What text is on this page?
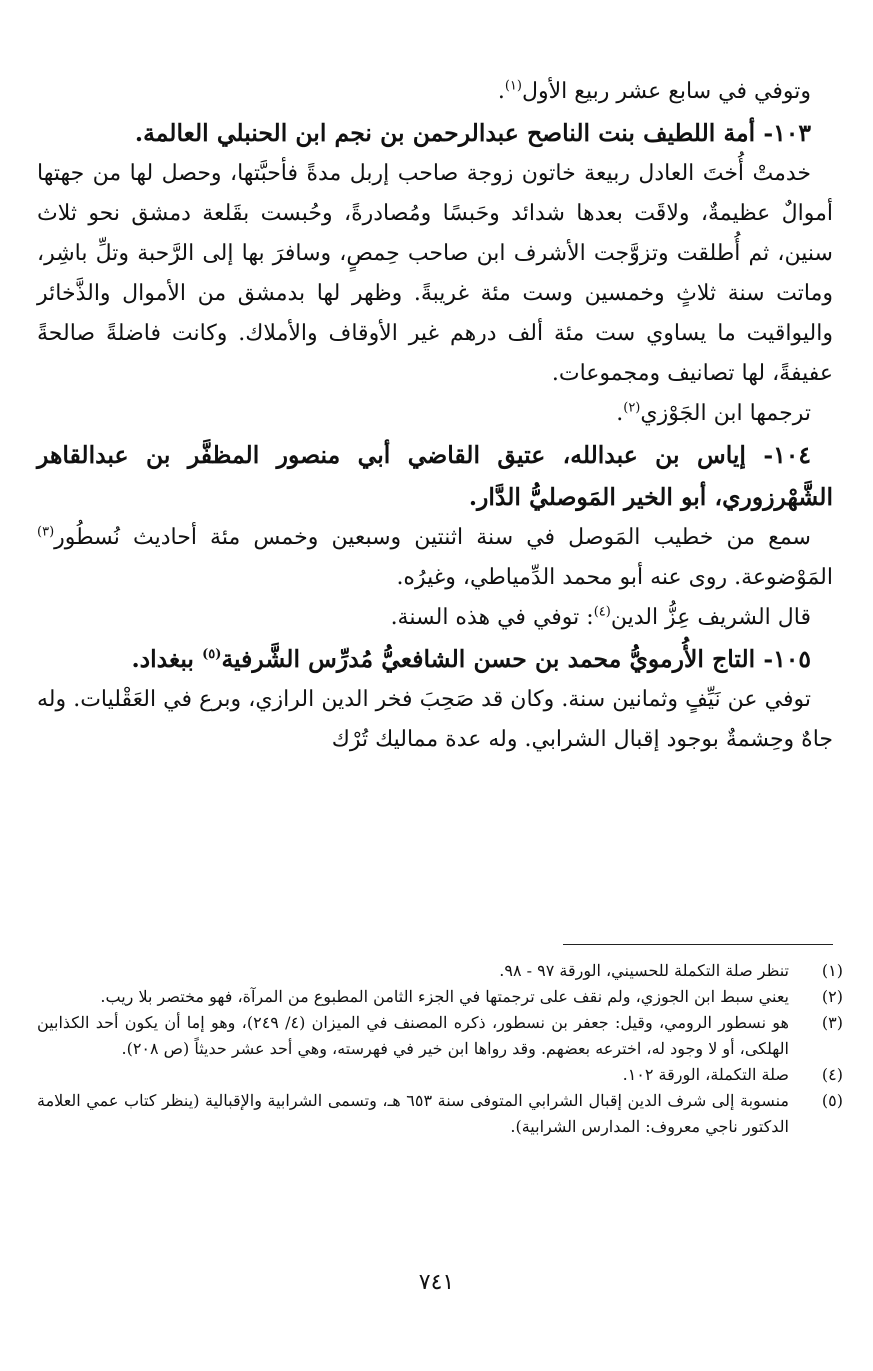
وتوفي في سابع عشر ربيع الأول$^{(١)}$.

١٠٣- أمة اللطيف بنت الناصح عبدالرحمن بن نجم ابن الحنبلي العالمة.

خدمتْ أُختَ العادل ربيعة خاتون زوجة صاحب إربل مدةً فأحبَّتها، وحصل لها من جهتها أموالٌ عظيمةٌ، ولاقَت بعدها شدائد وحَبسًا ومُصادرةً، وحُبست بقَلعة دمشق نحو ثلاث سنين، ثم أُطلقت وتزوَّجت الأشرف ابن صاحب حِمصٍ، وسافرَ بها إلى الرَّحبة وتلِّ باشِر، وماتت سنة ثلاثٍ وخمسين وست مئة غريبةً. وظهر لها بدمشق من الأموال والذَّخائر واليواقيت ما يساوي ست مئة ألف درهم غير الأوقاف والأملاك. وكانت فاضلةً صالحةً عفيفةً، لها تصانيف ومجموعات.

ترجمها ابن الجَوْزي$^{(٢)}$.

١٠٤- إياس بن عبدالله، عتيق القاضي أبي منصور المظفَّر بن عبدالقاهر الشَّهْرزوري، أبو الخير المَوصليُّ الدَّار.

سمع من خطيب المَوصل في سنة اثنتين وسبعين وخمس مئة أحاديث نُسطُور$^{(٣)}$ المَوْضوعة. روى عنه أبو محمد الدِّمياطي، وغيرُه.

قال الشريف عِزُّ الدين$^{(٤)}$: توفي في هذه السنة.

١٠٥- التاج الأُرمويُّ محمد بن حسن الشافعيُّ مُدرِّس الشَّرفية$^{(٥)}$ ببغداد.

توفي عن نَيِّفٍ وثمانين سنة. وكان قد صَحِبَ فخر الدين الرازي، وبرع في العَقْليات. وله جاهٌ وحِشمةٌ بوجود إقبال الشرابي. وله عدة مماليك تُرْك

(١)
تنظر صلة التكملة للحسيني، الورقة ٩٧ - ٩٨.
(٢)
يعني سبط ابن الجوزي، ولم نقف على ترجمتها في الجزء الثامن المطبوع من المرآة، فهو مختصر بلا ريب.
(٣)
هو نسطور الرومي، وقيل: جعفر بن نسطور، ذكره المصنف في الميزان (٤/ ٢٤٩)، وهو إما أن يكون أحد الكذابين الهلكى، أو لا وجود له، اخترعه بعضهم. وقد رواها ابن خير في فهرسته، وهي أحد عشر حديثاً (ص ٢٠٨).
(٤)
صلة التكملة، الورقة ١٠٢.
(٥)
منسوبة إلى شرف الدين إقبال الشرابي المتوفى سنة ٦٥٣ هـ، وتسمى الشرابية والإقبالية (ينظر كتاب عمي العلامة الدكتور ناجي معروف: المدارس الشرابية).
٧٤١
